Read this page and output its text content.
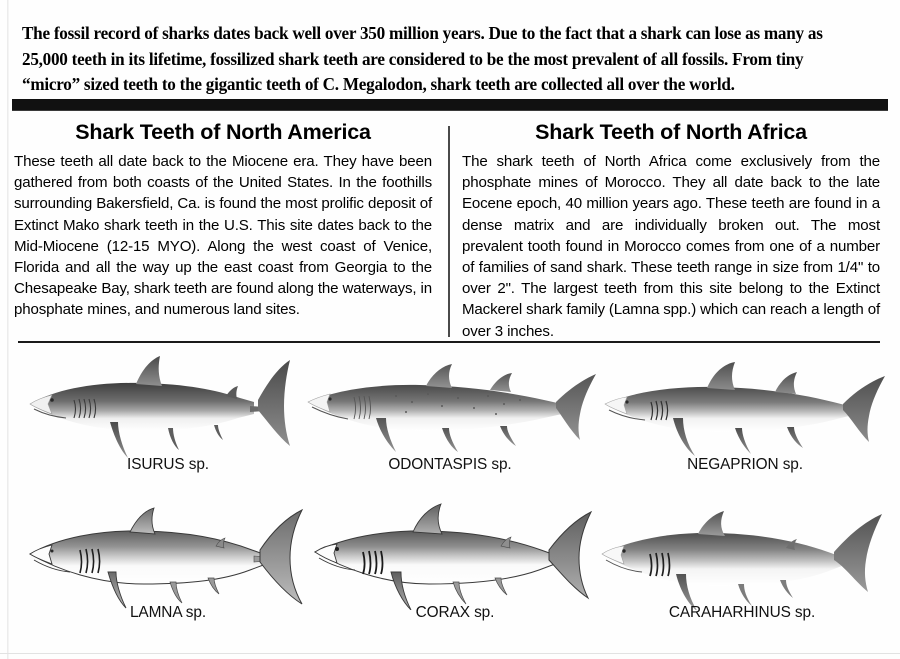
The fossil record of sharks dates back well over 350 million years. Due to the fact that a shark can lose as many as 25,000 teeth in its lifetime, fossilized shark teeth are considered to be the most prevalent of all fossils. From tiny “micro” sized teeth to the gigantic teeth of C. Megalodon, shark teeth are collected all over the world.
Shark Teeth of North America
These teeth all date back to the Miocene era. They have been gathered from both coasts of the United States. In the foothills surrounding Bakersfield, Ca. is found the most prolific deposit of Extinct Mako shark teeth in the U.S. This site dates back to the Mid-Miocene (12-15 MYO). Along the west coast of Venice, Florida and all the way up the east coast from Georgia to the Chesapeake Bay, shark teeth are found along the waterways, in phosphate mines, and numerous land sites.
Shark Teeth of North Africa
The shark teeth of North Africa come exclusively from the phosphate mines of Morocco. They all date back to the late Eocene epoch, 40 million years ago. These teeth are found in a dense matrix and are individually broken out. The most prevalent tooth found in Morocco comes from one of a number of families of sand shark. These teeth range in size from 1/4" to over 2". The largest teeth from this site belong to the Extinct Mackerel shark family (Lamna spp.) which can reach a length of over 3 inches.
ISURUS sp.	ODONTASPIS sp.	NEGAPRION sp.
LAMNA sp.	CORAX sp.	CARAHARHINUS sp.
